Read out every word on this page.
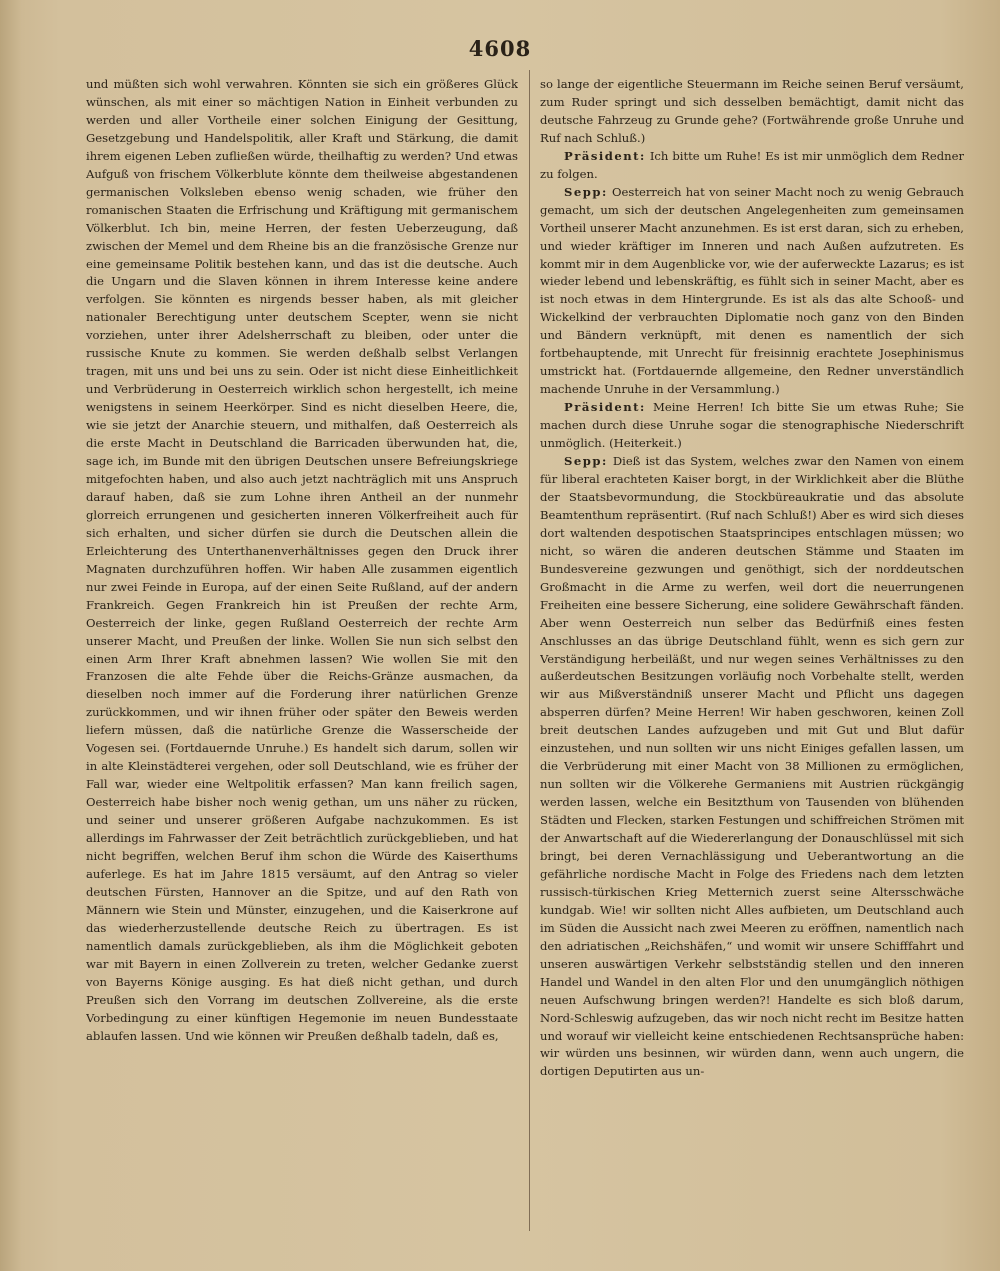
4608

und müßten sich wohl verwahren. Könnten sie sich ein größeres Glück wünschen, als mit einer so mächtigen Nation in Einheit verbunden zu werden und aller Vortheile einer solchen Einigung der Gesittung, Gesetzgebung und Handelspolitik, aller Kraft und Stärkung, die damit ihrem eigenen Leben zufließen würde, theilhaftig zu werden? Und etwas Aufguß von frischem Völkerblute könnte dem theilweise abgestandenen germanischen Volksleben ebenso wenig schaden, wie früher den romanischen Staaten die Erfrischung und Kräftigung mit germanischem Völkerblut. Ich bin, meine Herren, der festen Ueberzeugung, daß zwischen der Memel und dem Rheine bis an die französische Grenze nur eine gemeinsame Politik bestehen kann, und das ist die deutsche. Auch die Ungarn und die Slaven können in ihrem Interesse keine andere verfolgen. Sie könnten es nirgends besser haben, als mit gleicher nationaler Berechtigung unter deutschem Scepter, wenn sie nicht vorziehen, unter ihrer Adelsherrschaft zu bleiben, oder unter die russische Knute zu kommen. Sie werden deßhalb selbst Verlangen tragen, mit uns und bei uns zu sein. Oder ist nicht diese Einheitlichkeit und Verbrüderung in Oesterreich wirklich schon hergestellt, ich meine wenigstens in seinem Heerkörper. Sind es nicht dieselben Heere, die, wie sie jetzt der Anarchie steuern, und mithalfen, daß Oesterreich als die erste Macht in Deutschland die Barricaden überwunden hat, die, sage ich, im Bunde mit den übrigen Deutschen unsere Befreiungskriege mitgefochten haben, und also auch jetzt nachträglich mit uns Anspruch darauf haben, daß sie zum Lohne ihren Antheil an der nunmehr glorreich errungenen und gesicherten inneren Völkerfreiheit auch für sich erhalten, und sicher dürfen sie durch die Deutschen allein die Erleichterung des Unterthanenverhältnisses gegen den Druck ihrer Magnaten durchzuführen hoffen. Wir haben Alle zusammen eigentlich nur zwei Feinde in Europa, auf der einen Seite Rußland, auf der andern Frankreich. Gegen Frankreich hin ist Preußen der rechte Arm, Oesterreich der linke, gegen Rußland Oesterreich der rechte Arm unserer Macht, und Preußen der linke. Wollen Sie nun sich selbst den einen Arm Ihrer Kraft abnehmen lassen? Wie wollen Sie mit den Franzosen die alte Fehde über die Reichs-Gränze ausmachen, da dieselben noch immer auf die Forderung ihrer natürlichen Grenze zurückkommen, und wir ihnen früher oder später den Beweis werden liefern müssen, daß die natürliche Grenze die Wasserscheide der Vogesen sei. (Fortdauernde Unruhe.) Es handelt sich darum, sollen wir in alte Kleinstädterei vergehen, oder soll Deutschland, wie es früher der Fall war, wieder eine Weltpolitik erfassen? Man kann freilich sagen, Oesterreich habe bisher noch wenig gethan, um uns näher zu rücken, und seiner und unserer größeren Aufgabe nachzukommen. Es ist allerdings im Fahrwasser der Zeit beträchtlich zurückgeblieben, und hat nicht begriffen, welchen Beruf ihm schon die Würde des Kaiserthums auferlege. Es hat im Jahre 1815 versäumt, auf den Antrag so vieler deutschen Fürsten, Hannover an die Spitze, und auf den Rath von Männern wie Stein und Münster, einzugehen, und die Kaiserkrone auf das wiederherzustellende deutsche Reich zu übertragen. Es ist namentlich damals zurückgeblieben, als ihm die Möglichkeit geboten war mit Bayern in einen Zollverein zu treten, welcher Gedanke zuerst von Bayerns Könige ausging. Es hat dieß nicht gethan, und durch Preußen sich den Vorrang im deutschen Zollvereine, als die erste Vorbedingung zu einer künftigen Hegemonie im neuen Bundesstaate ablaufen lassen. Und wie können wir Preußen deßhalb tadeln, daß es,

so lange der eigentliche Steuermann im Reiche seinen Beruf versäumt, zum Ruder springt und sich desselben bemächtigt, damit nicht das deutsche Fahrzeug zu Grunde gehe? (Fortwährende große Unruhe und Ruf nach Schluß.)

Präsident: Ich bitte um Ruhe! Es ist mir unmöglich dem Redner zu folgen.

Sepp: Oesterreich hat von seiner Macht noch zu wenig Gebrauch gemacht, um sich der deutschen Angelegenheiten zum gemeinsamen Vortheil unserer Macht anzunehmen. Es ist erst daran, sich zu erheben, und wieder kräftiger im Inneren und nach Außen aufzutreten. Es kommt mir in dem Augenblicke vor, wie der auferweckte Lazarus; es ist wieder lebend und lebenskräftig, es fühlt sich in seiner Macht, aber es ist noch etwas in dem Hintergrunde. Es ist als das alte Schooß- und Wickelkind der verbrauchten Diplomatie noch ganz von den Binden und Bändern verknüpft, mit denen es namentlich der sich fortbehauptende, mit Unrecht für freisinnig erachtete Josephinismus umstrickt hat. (Fortdauernde allgemeine, den Redner unverständlich machende Unruhe in der Versammlung.)

Präsident: Meine Herren! Ich bitte Sie um etwas Ruhe; Sie machen durch diese Unruhe sogar die stenographische Niederschrift unmöglich. (Heiterkeit.)

Sepp: Dieß ist das System, welches zwar den Namen von einem für liberal erachteten Kaiser borgt, in der Wirklichkeit aber die Blüthe der Staatsbevormundung, die Stockbüreaukratie und das absolute Beamtenthum repräsentirt. (Ruf nach Schluß!) Aber es wird sich dieses dort waltenden despotischen Staatsprincipes entschlagen müssen; wo nicht, so wären die anderen deutschen Stämme und Staaten im Bundesvereine gezwungen und genöthigt, sich der norddeutschen Großmacht in die Arme zu werfen, weil dort die neuerrungenen Freiheiten eine bessere Sicherung, eine solidere Gewährschaft fänden. Aber wenn Oesterreich nun selber das Bedürfniß eines festen Anschlusses an das übrige Deutschland fühlt, wenn es sich gern zur Verständigung herbeiläßt, und nur wegen seines Verhältnisses zu den außerdeutschen Besitzungen vorläufig noch Vorbehalte stellt, werden wir aus Mißverständniß unserer Macht und Pflicht uns dagegen absperren dürfen? Meine Herren! Wir haben geschworen, keinen Zoll breit deutschen Landes aufzugeben und mit Gut und Blut dafür einzustehen, und nun sollten wir uns nicht Einiges gefallen lassen, um die Verbrüderung mit einer Macht von 38 Millionen zu ermöglichen, nun sollten wir die Völkerehe Germaniens mit Austrien rückgängig werden lassen, welche ein Besitzthum von Tausenden von blühenden Städten und Flecken, starken Festungen und schiffreichen Strömen mit der Anwartschaft auf die Wiedererlangung der Donauschlüssel mit sich bringt, bei deren Vernachlässigung und Ueberantwortung an die gefährliche nordische Macht in Folge des Friedens nach dem letzten russisch-türkischen Krieg Metternich zuerst seine Altersschwäche kundgab. Wie! wir sollten nicht Alles aufbieten, um Deutschland auch im Süden die Aussicht nach zwei Meeren zu eröffnen, namentlich nach den adriatischen „Reichshäfen,“ und womit wir unsere Schifffahrt und unseren auswärtigen Verkehr selbstständig stellen und den inneren Handel und Wandel in den alten Flor und den unumgänglich nöthigen neuen Aufschwung bringen werden?! Handelte es sich bloß darum, Nord-Schleswig aufzugeben, das wir noch nicht recht im Besitze hatten und worauf wir vielleicht keine entschiedenen Rechtsansprüche haben: wir würden uns besinnen, wir würden dann, wenn auch ungern, die dortigen Deputirten aus un-
